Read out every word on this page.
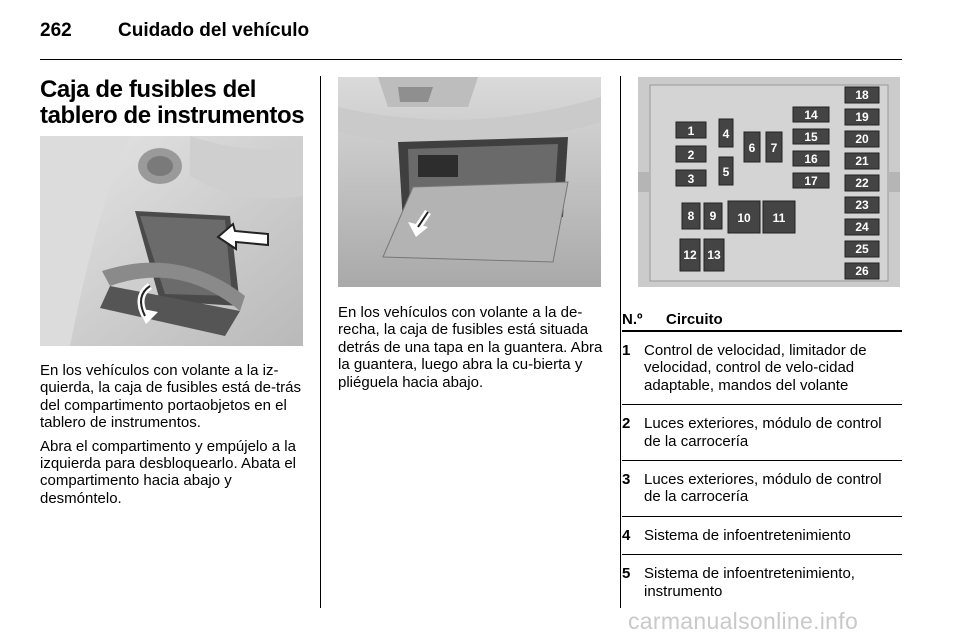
262 Cuidado del vehículo
Caja de fusibles del tablero de instrumentos
1
2
3
4
5
6 7
14
15
16
17
8 9 10 11
12 13
18
19
20
21
22
23
24
25
26

En los vehículos con volante a la iz-quierda, la caja de fusibles está de-trás del compartimento portaobjetos en el tablero de instrumentos.

Abra el compartimento y empújelo a la izquierda para desbloquearlo. Abata el compartimento hacia abajo y desmóntelo.

En los vehículos con volante a la de-recha, la caja de fusibles está situada detrás de una tapa en la guantera. Abra la guantera, luego abra la cu-bierta y pliéguela hacia abajo.

N.º	Circuito
1 Control de velocidad, limitador de velocidad, control de velo-cidad adaptable, mandos del volante
2 Luces exteriores, módulo de control de la carrocería
3 Luces exteriores, módulo de control de la carrocería
4 Sistema de infoentretenimiento
5 Sistema de infoentretenimiento, instrumento
carmanualsonline.info
